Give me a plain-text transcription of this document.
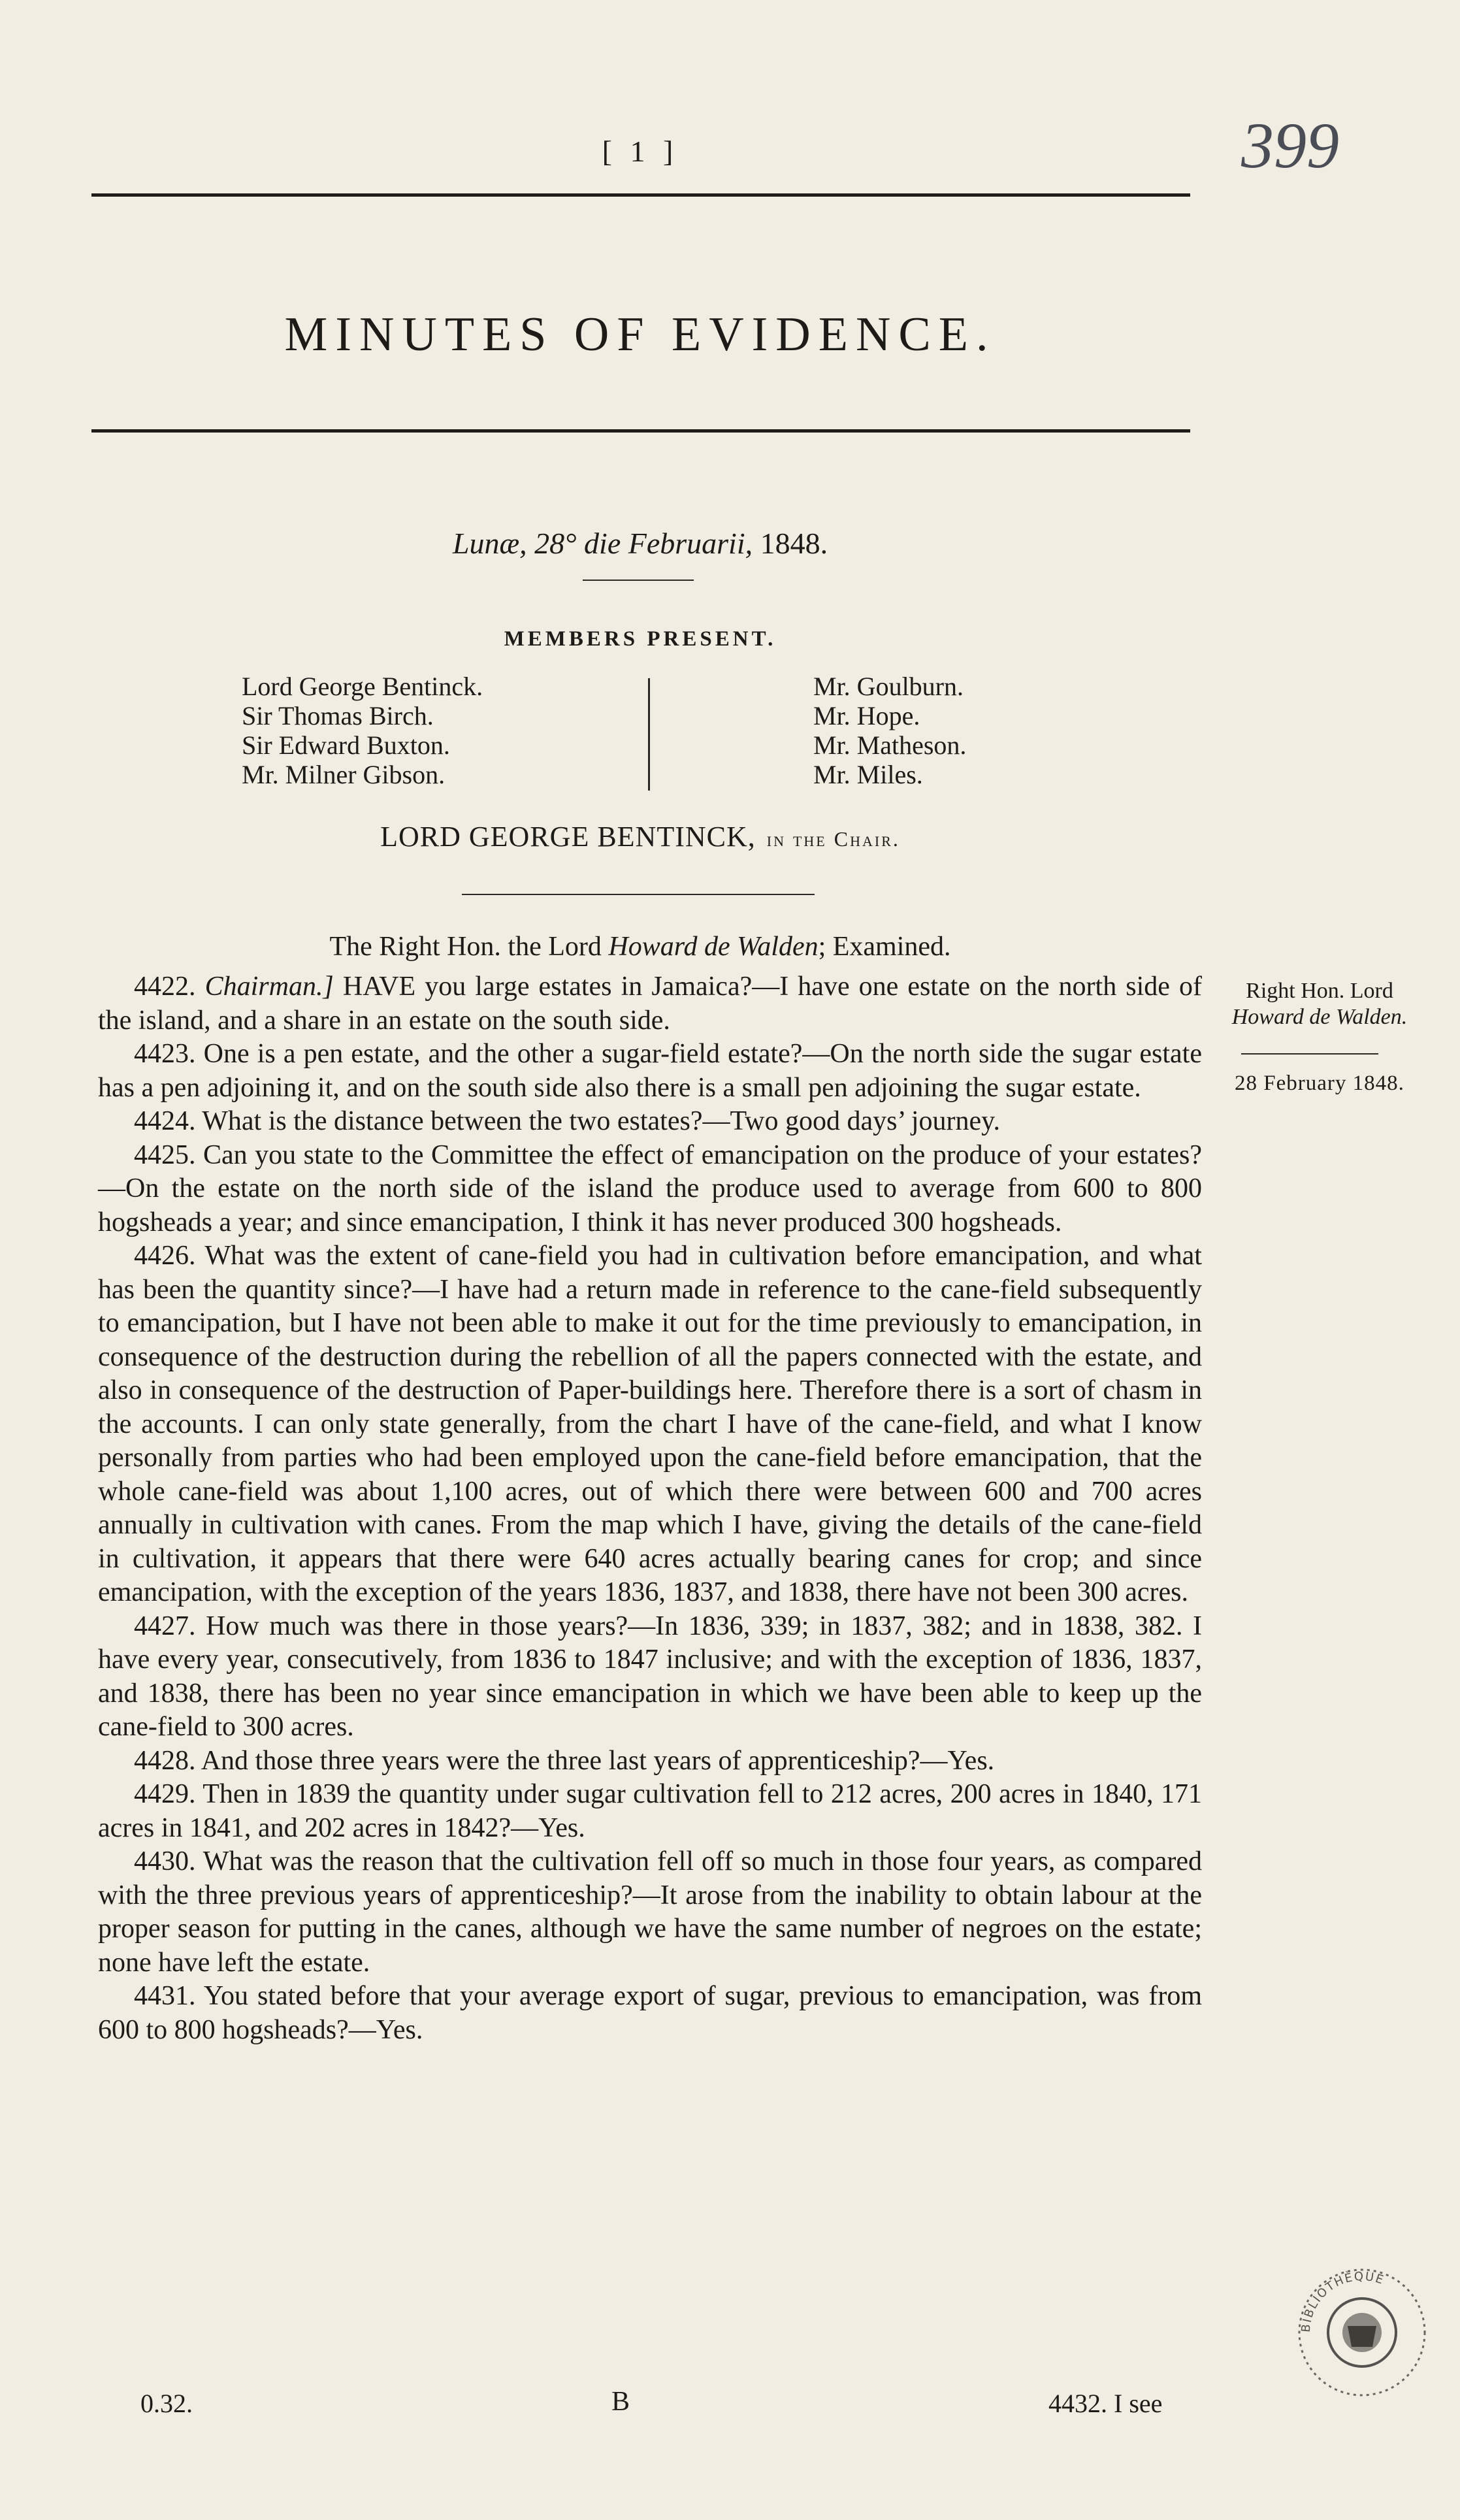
[ 1 ]	399
MINUTES OF EVIDENCE.
Lunæ, 28° die Februarii, 1848.
MEMBERS PRESENT.
Lord George Bentinck.
Sir Thomas Birch.
Sir Edward Buxton.
Mr. Milner Gibson.
Mr. Goulburn.
Mr. Hope.
Mr. Matheson.
Mr. Miles.
LORD GEORGE BENTINCK, in the Chair.
The Right Hon. the Lord Howard de Walden; Examined.

4422. Chairman.] HAVE you large estates in Jamaica?—I have one estate on the north side of the island, and a share in an estate on the south side.

4423. One is a pen estate, and the other a sugar-field estate?—On the north side the sugar estate has a pen adjoining it, and on the south side also there is a small pen adjoining the sugar estate.

4424. What is the distance between the two estates?—Two good days’ journey.

4425. Can you state to the Committee the effect of emancipation on the produce of your estates?—On the estate on the north side of the island the produce used to average from 600 to 800 hogsheads a year; and since emancipation, I think it has never produced 300 hogsheads.

4426. What was the extent of cane-field you had in cultivation before emancipation, and what has been the quantity since?—I have had a return made in reference to the cane-field subsequently to emancipation, but I have not been able to make it out for the time previously to emancipation, in consequence of the destruction during the rebellion of all the papers connected with the estate, and also in consequence of the destruction of Paper-buildings here. Therefore there is a sort of chasm in the accounts. I can only state generally, from the chart I have of the cane-field, and what I know personally from parties who had been employed upon the cane-field before emancipation, that the whole cane-field was about 1,100 acres, out of which there were between 600 and 700 acres annually in cultivation with canes. From the map which I have, giving the details of the cane-field in cultivation, it appears that there were 640 acres actually bearing canes for crop; and since emancipation, with the exception of the years 1836, 1837, and 1838, there have not been 300 acres.

4427. How much was there in those years?—In 1836, 339; in 1837, 382; and in 1838, 382. I have every year, consecutively, from 1836 to 1847 inclusive; and with the exception of 1836, 1837, and 1838, there has been no year since emancipation in which we have been able to keep up the cane-field to 300 acres.

4428. And those three years were the three last years of apprenticeship?—Yes.

4429. Then in 1839 the quantity under sugar cultivation fell to 212 acres, 200 acres in 1840, 171 acres in 1841, and 202 acres in 1842?—Yes.

4430. What was the reason that the cultivation fell off so much in those four years, as compared with the three previous years of apprenticeship?—It arose from the inability to obtain labour at the proper season for putting in the canes, although we have the same number of negroes on the estate; none have left the estate.

4431. You stated before that your average export of sugar, previous to emancipation, was from 600 to 800 hogsheads?—Yes.

Right Hon. Lord
Howard de Walden.
28 February 1848.
0.32.	B	4432. I see
BIBLIOTHÈQUE
